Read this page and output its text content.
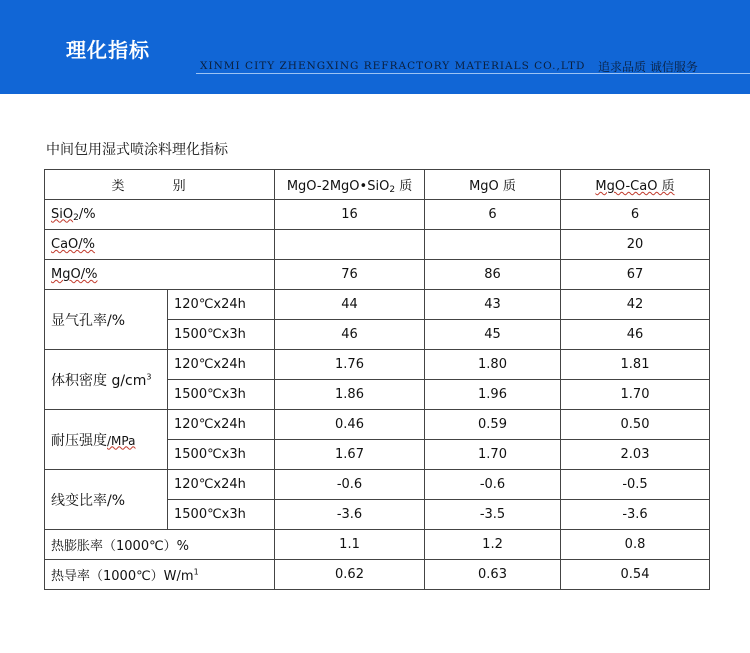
理化指标
XINMI CITY ZHENGXING REFRACTORY MATERIALS CO.,LTD 追求品质 诚信服务
中间包用湿式喷涂料理化指标
类 别		MgO-2MgO•SiO2 质	MgO 质	MgO-CaO 质
SiO2/%		16	6	6
CaO/%				20
MgO/%		76	86	67
显气孔率/%	120℃x24h	44	43	42
	1500℃x3h	46	45	46
体积密度 $g/cm^3$	120℃x24h	1.76	1.80	1.81
	1500℃x3h	1.86	1.96	1.70
耐压强度/MPa	120℃x24h	0.46	0.59	0.50
	1500℃x3h	1.67	1.70	2.03
线变比率/%	120℃x24h	-0.6	-0.6	-0.5
	1500℃x3h	-3.6	-3.5	-3.6
热膨胀率（1000℃）%		1.1	1.2	0.8
热导率$(1000℃)W/m^1$		0.62	0.63	0.54
